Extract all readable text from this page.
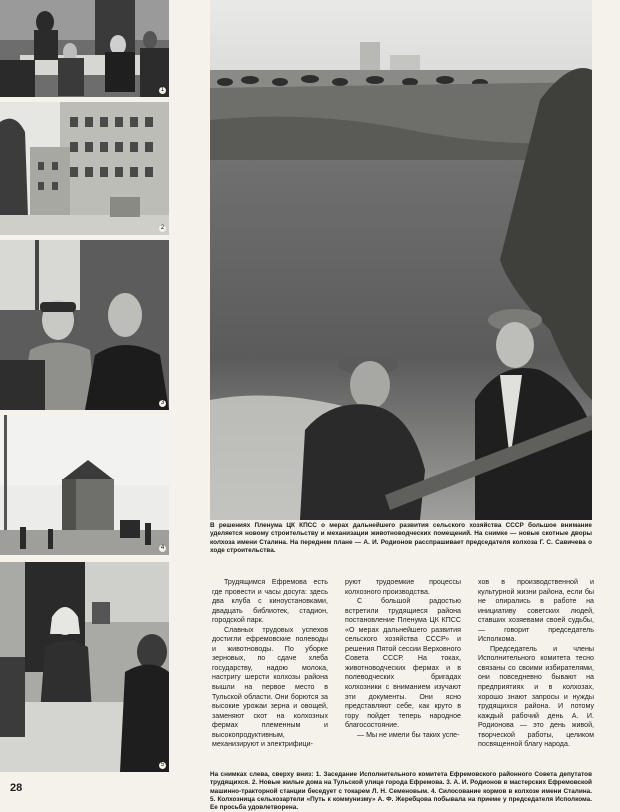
1
2
3
4
5
В решениях Пленума ЦК КПСС о мерах дальнейшего развития сельского хозяйства СССР большое внимание уделяется новому строительству и механизации животноводческих помещений. На снимке — новые скотные дворы колхоза имени Сталина. На переднем плане — А. И. Родионов расспрашивает председателя колхоза Г. С. Савичева о ходе строительства.

Трудящимся Ефремова есть где провести и часы досуга: здесь два клуба с киноустановками, двадцать библиотек, стадион, городской парк.

Славных трудовых успехов достигли ефремовские полеводы и животноводы. По уборке зерновых, по сдаче хлеба государству, надою молока, настригу шерсти колхозы района вышли на первое место в Тульской области. Они борются за высокие урожаи зерна и овощей, заменяют скот на колхозных фермах племенным и высокопродуктивным, механизируют и электрифици-

руют трудоемкие процессы колхозного производства.

С большой радостью встретили трудящиеся района постановление Пленума ЦК КПСС «О мерах дальнейшего развития сельского хозяйства СССР» и решения Пятой сессии Верховного Совета СССР. На токах, животноводческих фермах и в полеводческих бригадах колхозники с вниманием изучают эти документы. Они ясно представляют себе, как круто в гору пойдет теперь народное благосостояние.

— Мы не имели бы таких успе-

хов в производственной и культурной жизни района, если бы не опирались в работе на инициативу советских людей, ставших хозяевами своей судьбы, — говорит председатель Исполкома.

Председатель и члены Исполнительного комитета тесно связаны со своими избирателями, они повседневно бывают на предприятиях и в колхозах, хорошо знают запросы и нужды трудящихся района. И потому каждый рабочий день А. И. Родионова — это день живой, творческой работы, целиком посвященной благу народа.

На снимках слева, сверху вниз: 1. Заседание Исполнительного комитета Ефремовского районного Совета депутатов трудящихся. 2. Новые жилые дома на Тульской улице города Ефремова. 3. А. И. Родионов в мастерских Ефремовской машинно-тракторной станции беседует с токарем Л. Н. Семеновым. 4. Силосование кормов в колхозе имени Сталина. 5. Колхозница сельхозартели «Путь к коммунизму» А. Ф. Жеребцова побывала на приеме у председателя Исполкома. Ее просьба удовлетворена.
28
